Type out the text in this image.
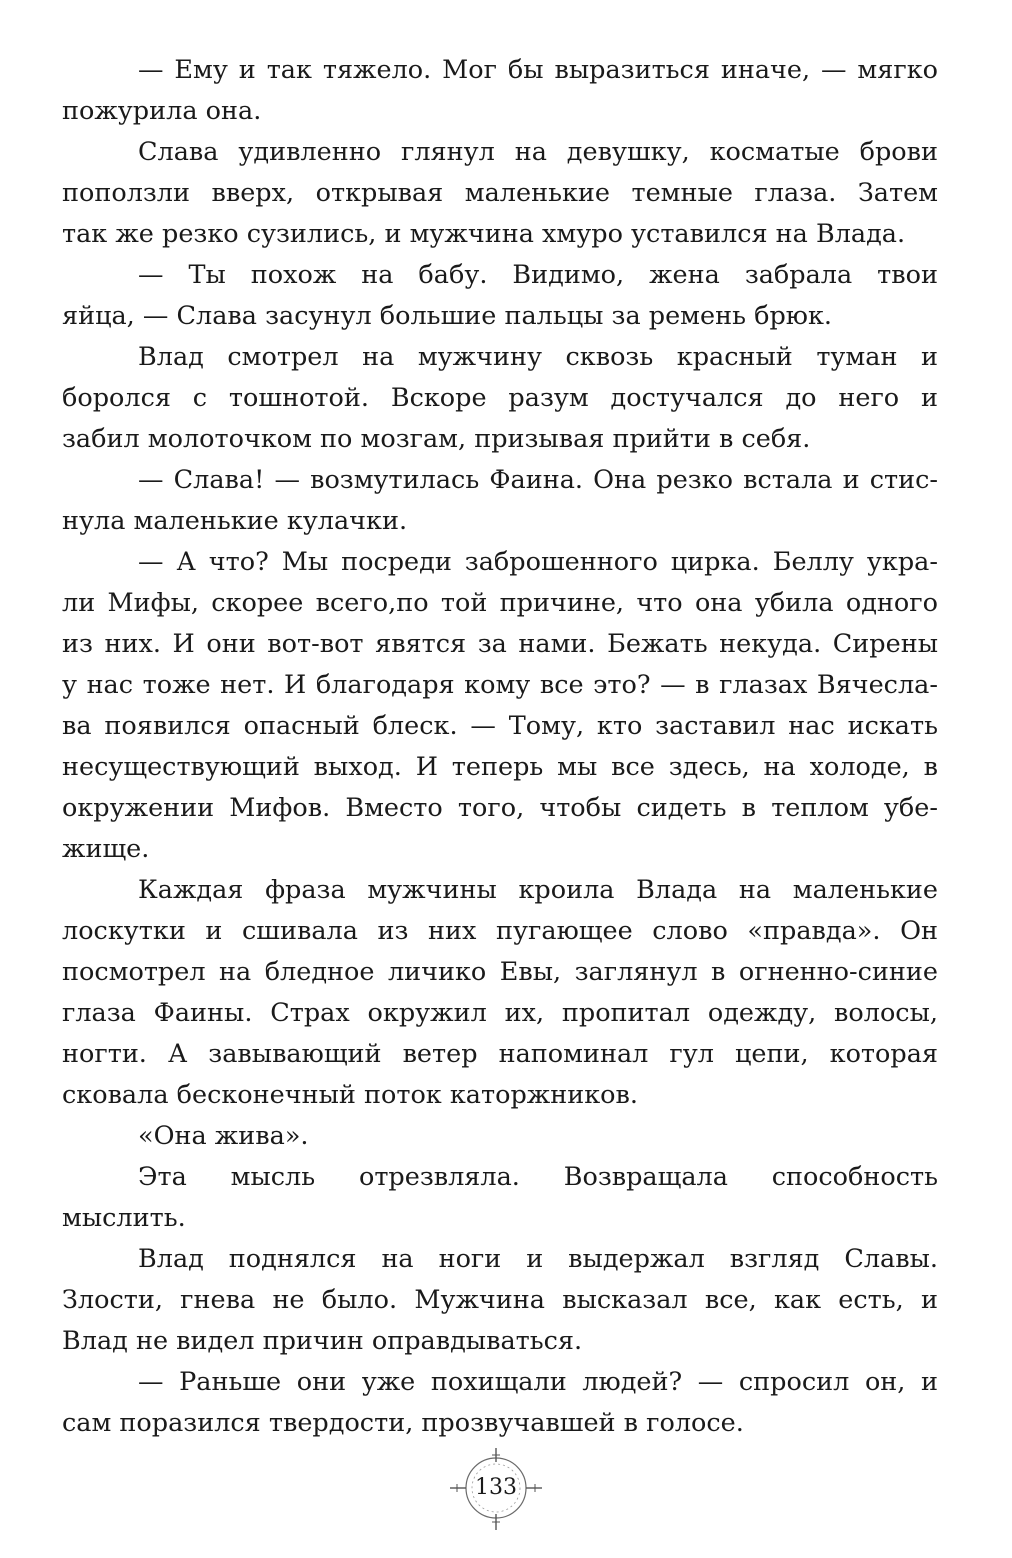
— Ему и так тяжело. Мог бы выразиться иначе, — мягко
пожурила она.
Слава удивленно глянул на девушку, косматые брови
поползли вверх, открывая маленькие темные глаза. Затем
так же резко сузились, и мужчина хмуро уставился на Влада.
— Ты похож на бабу. Видимо, жена забрала твои
яйца, — Слава засунул большие пальцы за ремень брюк.
Влад смотрел на мужчину сквозь красный туман и
боролся с тошнотой. Вскоре разум достучался до него и
забил молоточком по мозгам, призывая прийти в себя.
— Слава! — возмутилась Фаина. Она резко встала и стис-
нула маленькие кулачки.
— А что? Мы посреди заброшенного цирка. Беллу укра-
ли Мифы, скорее всего,по той причине, что она убила одного
из них. И они вот-вот явятся за нами. Бежать некуда. Сирены
у нас тоже нет. И благодаря кому все это? — в глазах Вячесла-
ва появился опасный блеск. — Тому, кто заставил нас искать
несуществующий выход. И теперь мы все здесь, на холоде, в
окружении Мифов. Вместо того, чтобы сидеть в теплом убе-
жище.
Каждая фраза мужчины кроила Влада на маленькие
лоскутки и сшивала из них пугающее слово «правда». Он
посмотрел на бледное личико Евы, заглянул в огненно-синие
глаза Фаины. Страх окружил их, пропитал одежду, волосы,
ногти. А завывающий ветер напоминал гул цепи, которая
сковала бесконечный поток каторжников.
«Она жива».
Эта мысль отрезвляла. Возвращала способность
мыслить.
Влад поднялся на ноги и выдержал взгляд Славы.
Злости, гнева не было. Мужчина высказал все, как есть, и
Влад не видел причин оправдываться.
— Раньше они уже похищали людей? — спросил он, и
сам поразился твердости, прозвучавшей в голосе.
133
